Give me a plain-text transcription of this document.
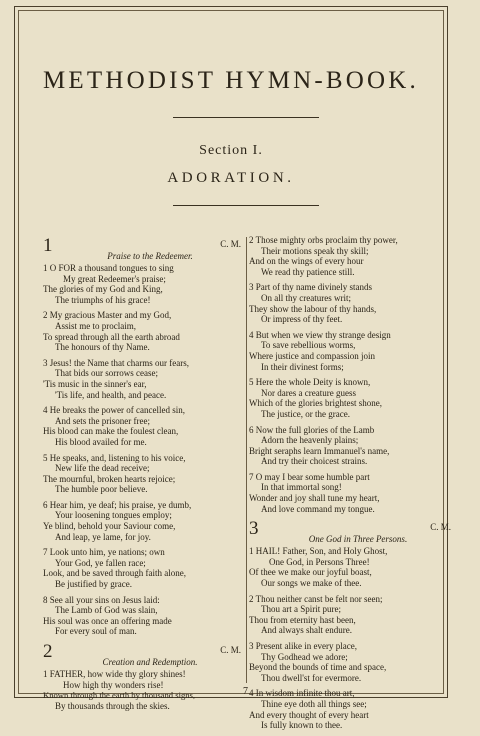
METHODIST HYMN-BOOK.
Section I.
ADORATION.
1	C. M.
Praise to the Redeemer.
1 O FOR a thousand tongues to sing
My great Redeemer's praise;
The glories of my God and King,
The triumphs of his grace!
2 My gracious Master and my God,
Assist me to proclaim,
To spread through all the earth abroad
The honours of thy Name.
3 Jesus! the Name that charms our fears,
That bids our sorrows cease;
'Tis music in the sinner's ear,
'Tis life, and health, and peace.
4 He breaks the power of cancelled sin,
And sets the prisoner free;
His blood can make the foulest clean,
His blood availed for me.
5 He speaks, and, listening to his voice,
New life the dead receive;
The mournful, broken hearts rejoice;
The humble poor believe.
6 Hear him, ye deaf; his praise, ye dumb,
Your loosening tongues employ;
Ye blind, behold your Saviour come,
And leap, ye lame, for joy.
7 Look unto him, ye nations; own
Your God, ye fallen race;
Look, and be saved through faith alone,
Be justified by grace.
8 See all your sins on Jesus laid:
The Lamb of God was slain,
His soul was once an offering made
For every soul of man.
2	C. M.
Creation and Redemption.
1 FATHER, how wide thy glory shines!
How high thy wonders rise!
Known through the earth by thousand signs,
By thousands through the skies.
2 Those mighty orbs proclaim thy power,
Their motions speak thy skill;
And on the wings of every hour
We read thy patience still.
3 Part of thy name divinely stands
On all thy creatures writ;
They show the labour of thy hands,
Or impress of thy feet.
4 But when we view thy strange design
To save rebellious worms,
Where justice and compassion join
In their divinest forms;
5 Here the whole Deity is known,
Nor dares a creature guess
Which of the glories brightest shone,
The justice, or the grace.
6 Now the full glories of the Lamb
Adorn the heavenly plains;
Bright seraphs learn Immanuel's name,
And try their choicest strains.
7 O may I bear some humble part
In that immortal song!
Wonder and joy shall tune my heart,
And love command my tongue.
3	C. M.
One God in Three Persons.
1 HAIL! Father, Son, and Holy Ghost,
One God, in Persons Three!
Of thee we make our joyful boast,
Our songs we make of thee.
2 Thou neither canst be felt nor seen;
Thou art a Spirit pure;
Thou from eternity hast been,
And always shalt endure.
3 Present alike in every place,
Thy Godhead we adore;
Beyond the bounds of time and space,
Thou dwell'st for evermore.
4 In wisdom infinite thou art,
Thine eye doth all things see;
And every thought of every heart
Is fully known to thee.
7
